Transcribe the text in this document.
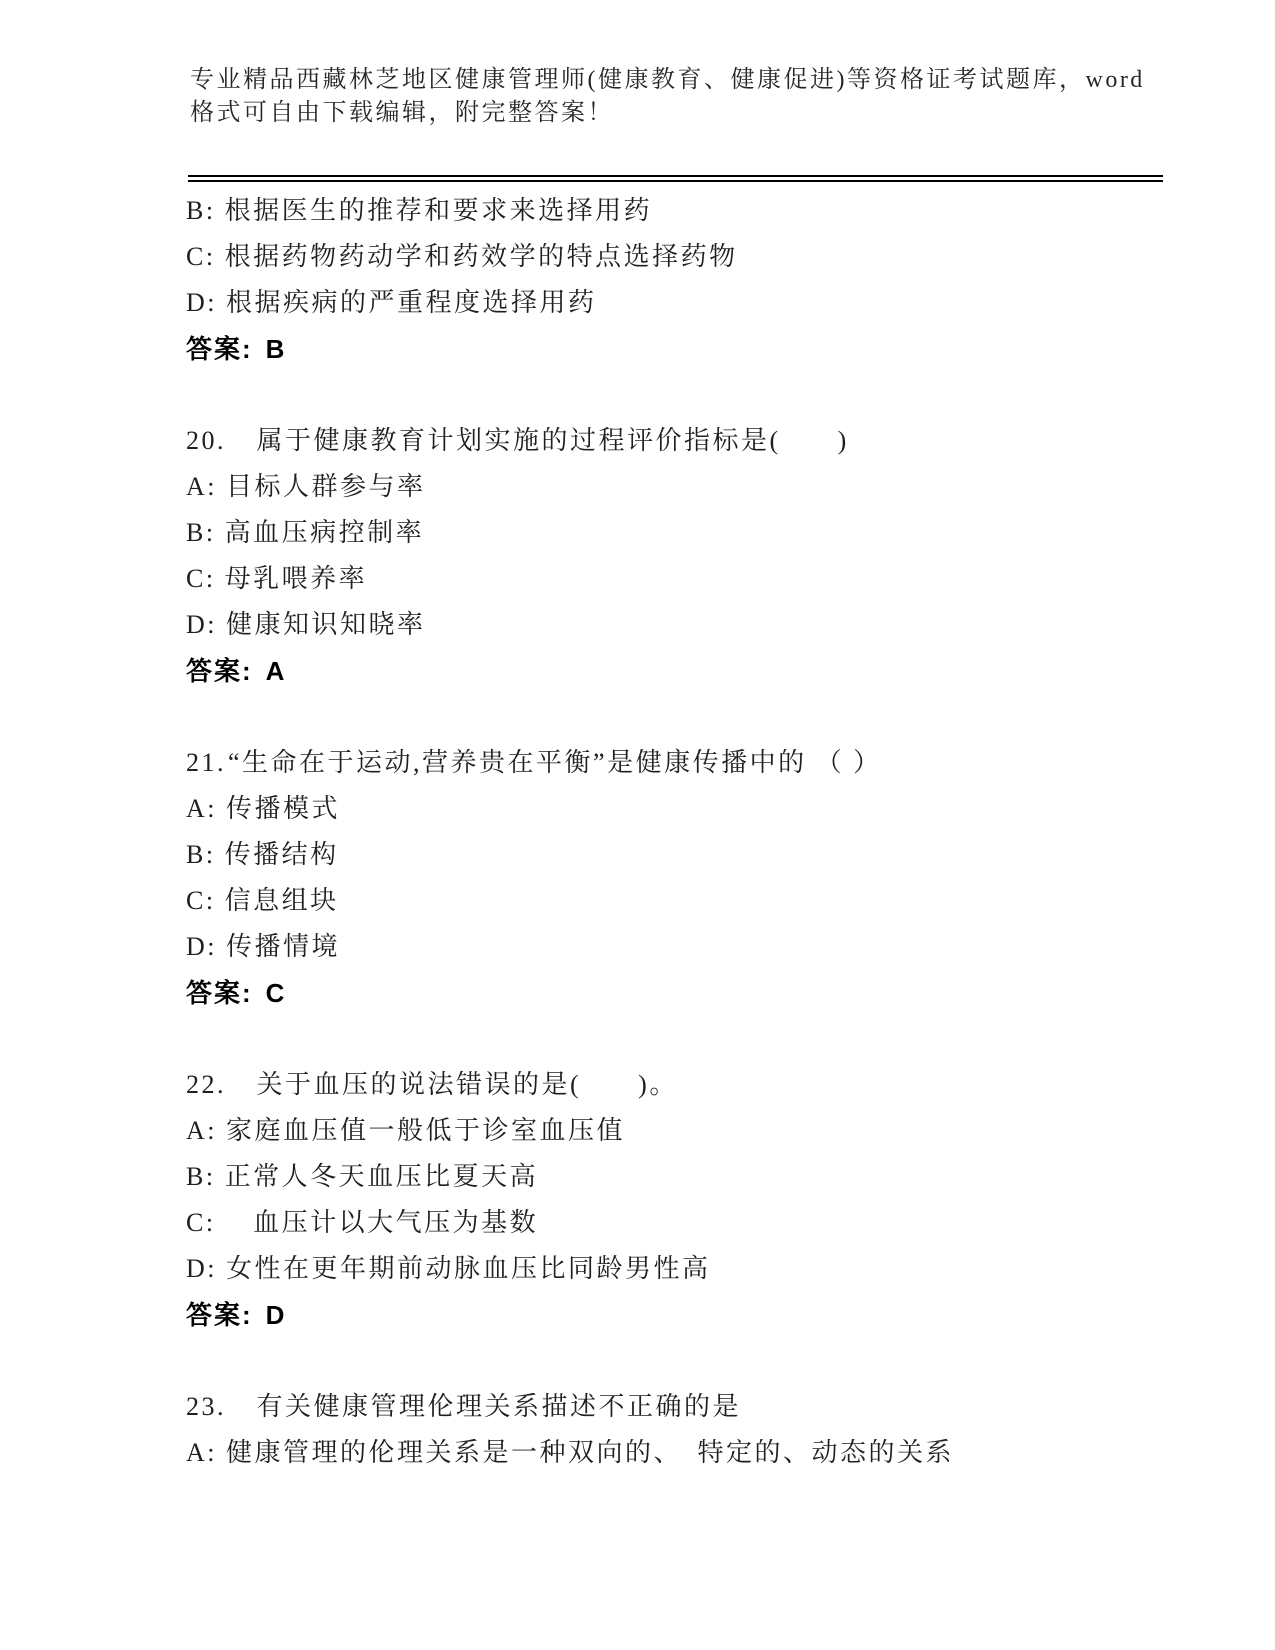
专业精品西藏林芝地区健康管理师(健康教育、健康促进)等资格证考试题库，word
格式可自由下载编辑，附完整答案！
B: 根据医生的推荐和要求来选择用药
C: 根据药物药动学和药效学的特点选择药物
D: 根据疾病的严重程度选择用药
答案: B
20.　属于健康教育计划实施的过程评价指标是(　　)
A: 目标人群参与率
B: 高血压病控制率
C: 母乳喂养率
D: 健康知识知晓率
答案: A
21.“生命在于运动,营养贵在平衡”是健康传播中的 （ ）
A: 传播模式
B: 传播结构
C: 信息组块
D: 传播情境
答案: C
22.　关于血压的说法错误的是(　　)。
A: 家庭血压值一般低于诊室血压值
B: 正常人冬天血压比夏天高
C:　血压计以大气压为基数
D: 女性在更年期前动脉血压比同龄男性高
答案: D
23.　有关健康管理伦理关系描述不正确的是
A: 健康管理的伦理关系是一种双向的、　特定的、动态的关系
